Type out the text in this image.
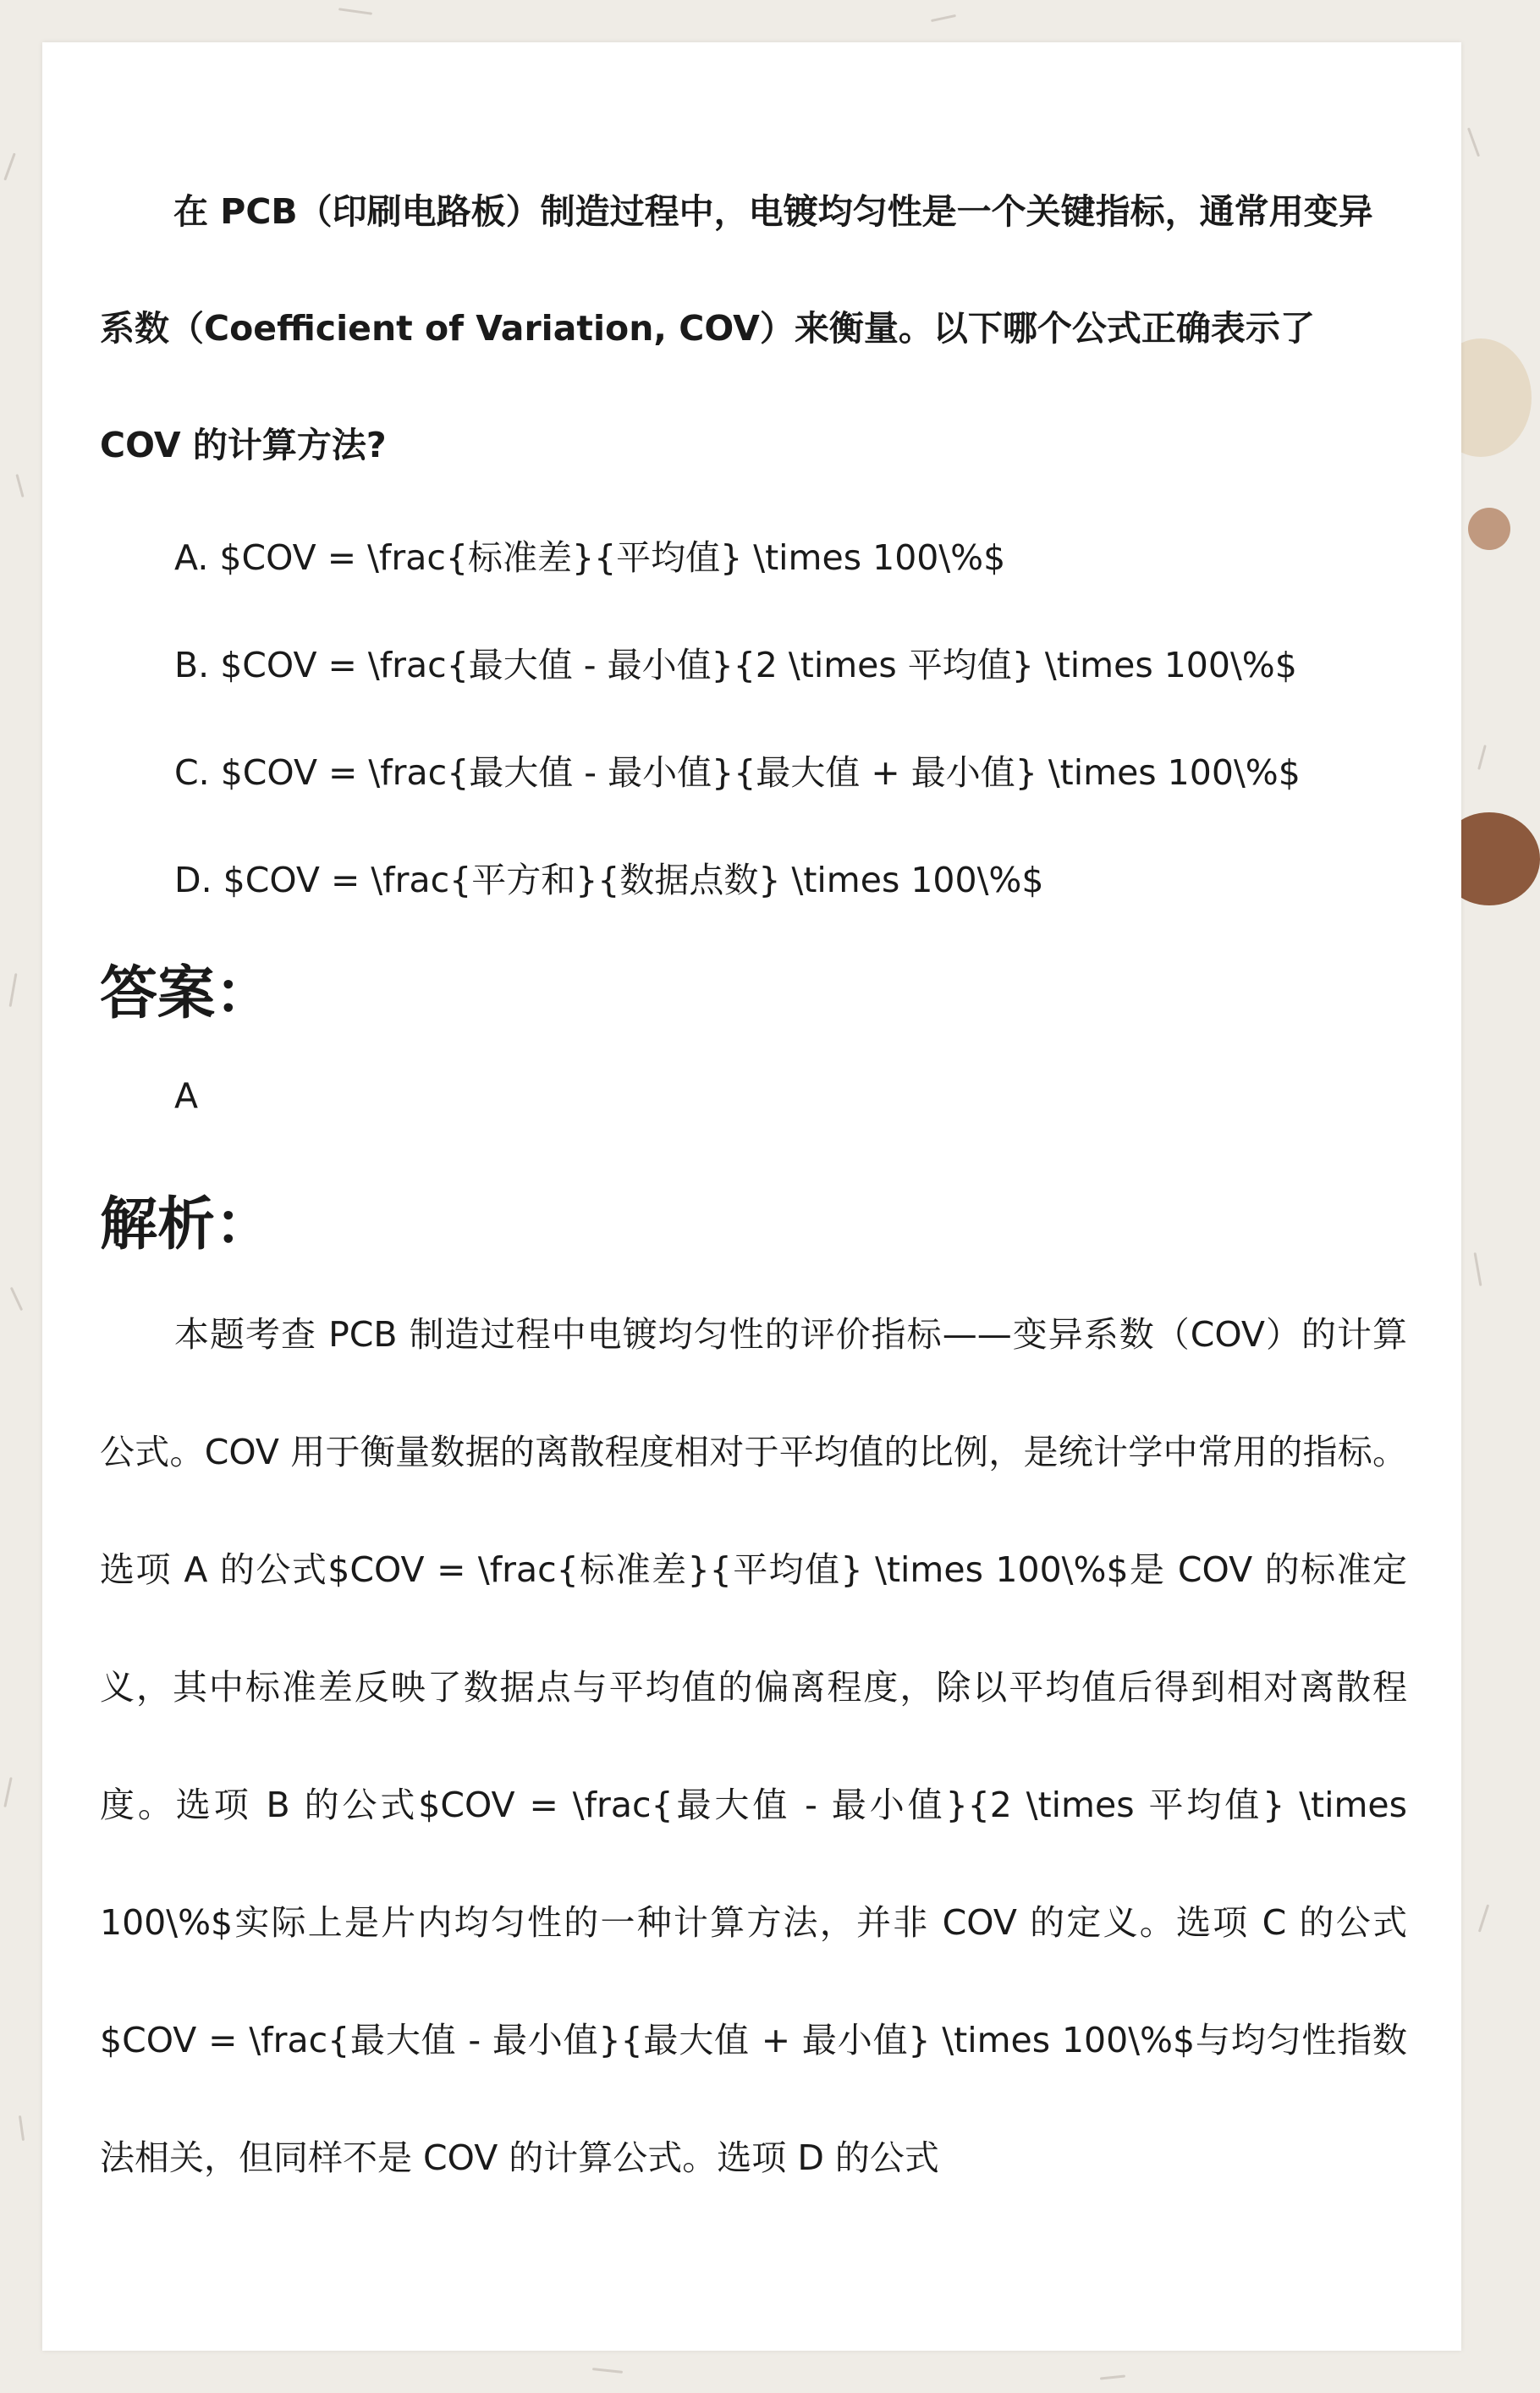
在 PCB（印刷电路板）制造过程中，电镀均匀性是一个关键指标，通常用变异系数（Coefficient of Variation, COV）来衡量。以下哪个公式正确表示了 COV 的计算方法?

A. $COV = \frac{标准差}{平均值} \times 100\%$
B. $COV = \frac{最大值 - 最小值}{2 \times 平均值} \times 100\%$
C. $COV = \frac{最大值 - 最小值}{最大值 + 最小值} \times 100\%$
D. $COV = \frac{平方和}{数据点数} \times 100\%$
答案：
A
解析：

本题考查 PCB 制造过程中电镀均匀性的评价指标——变异系数（COV）的计算公式。COV 用于衡量数据的离散程度相对于平均值的比例，是统计学中常用的指标。选项 A 的公式$COV = \frac{标准差}{平均值} \times 100\%$是 COV 的标准定义，其中标准差反映了数据点与平均值的偏离程度，除以平均值后得到相对离散程度。选项 B 的公式$COV = \frac{最大值 - 最小值}{2 \times 平均值} \times 100\%$实际上是片内均匀性的一种计算方法，并非 COV 的定义。选项 C 的公式$COV = \frac{最大值 - 最小值}{最大值 + 最小值} \times 100\%$与均匀性指数法相关，但同样不是 COV 的计算公式。选项 D 的公式
